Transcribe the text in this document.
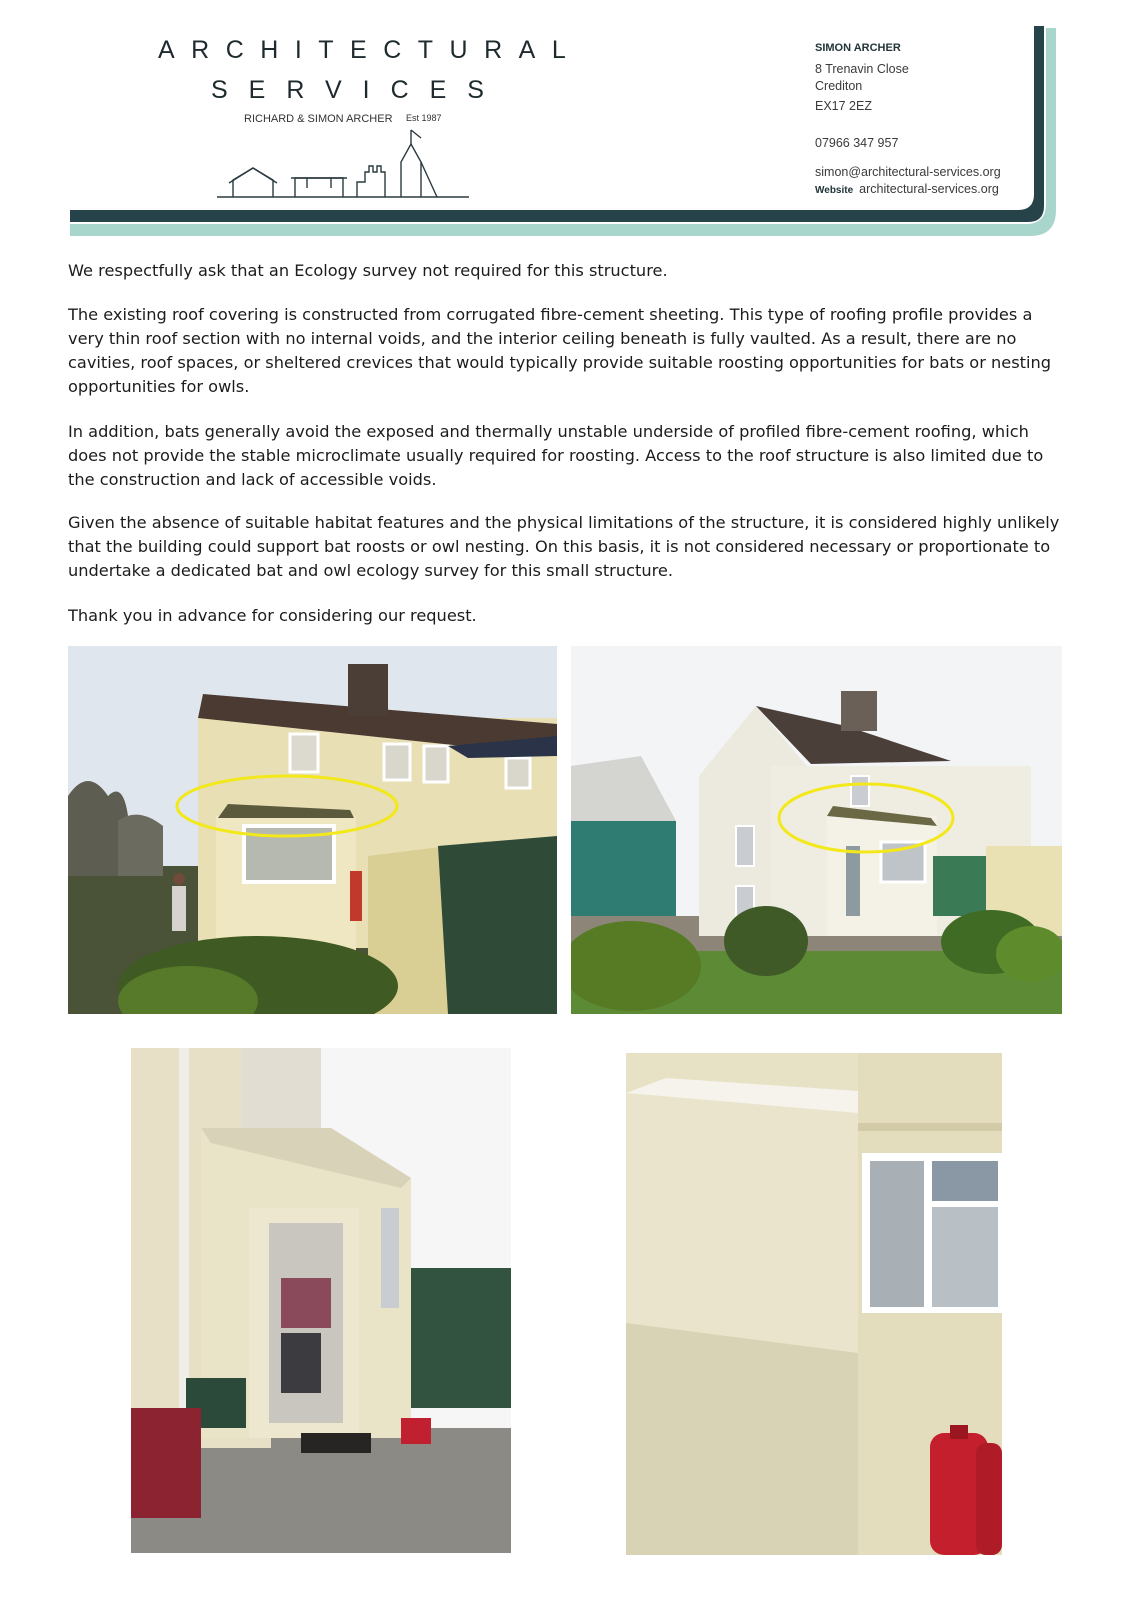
ARCHITECTURAL
SERVICES
RICHARD & SIMON ARCHER Est 1987
SIMON ARCHER
8 Trenavin Close
Crediton
EX17 2EZ
07966 347 957
simon@architectural-services.org
Website architectural-services.org

We respectfully ask that an Ecology survey not required for this structure.

The existing roof covering is constructed from corrugated fibre-cement sheeting. This type of roofing profile provides a very thin roof section with no internal voids, and the interior ceiling beneath is fully vaulted. As a result, there are no cavities, roof spaces, or sheltered crevices that would typically provide suitable roosting opportunities for bats or nesting opportunities for owls.

In addition, bats generally avoid the exposed and thermally unstable underside of profiled fibre-cement roofing, which does not provide the stable microclimate usually required for roosting. Access to the roof structure is also limited due to the construction and lack of accessible voids.

Given the absence of suitable habitat features and the physical limitations of the structure, it is considered highly unlikely that the building could support bat roosts or owl nesting. On this basis, it is not considered necessary or proportionate to undertake a dedicated bat and owl ecology survey for this small structure.

Thank you in advance for considering our request.
